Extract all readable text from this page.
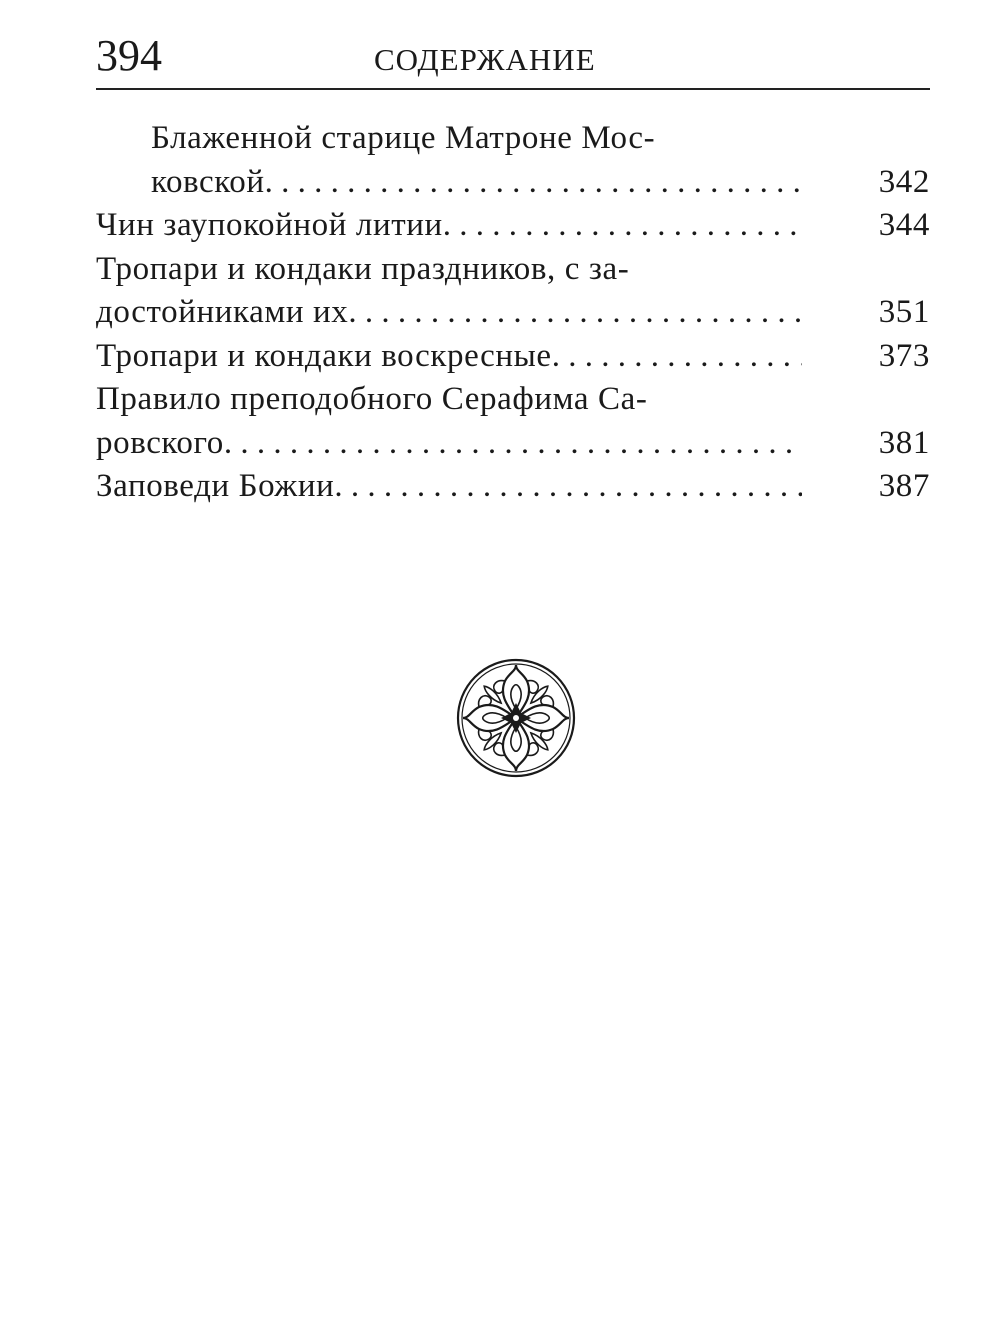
394	СОДЕРЖАНИЕ
Блаженной старице Матроне Мос-
ковской . . .	342
Чин заупокойной литии . . .	344
Тропари и кондаки праздников, с за-
достойниками их . . .	351
Тропари и кондаки воскресные . . .	373
Правило преподобного Серафима Са-
ровского . . .	381
Заповеди Божии . . .	387
